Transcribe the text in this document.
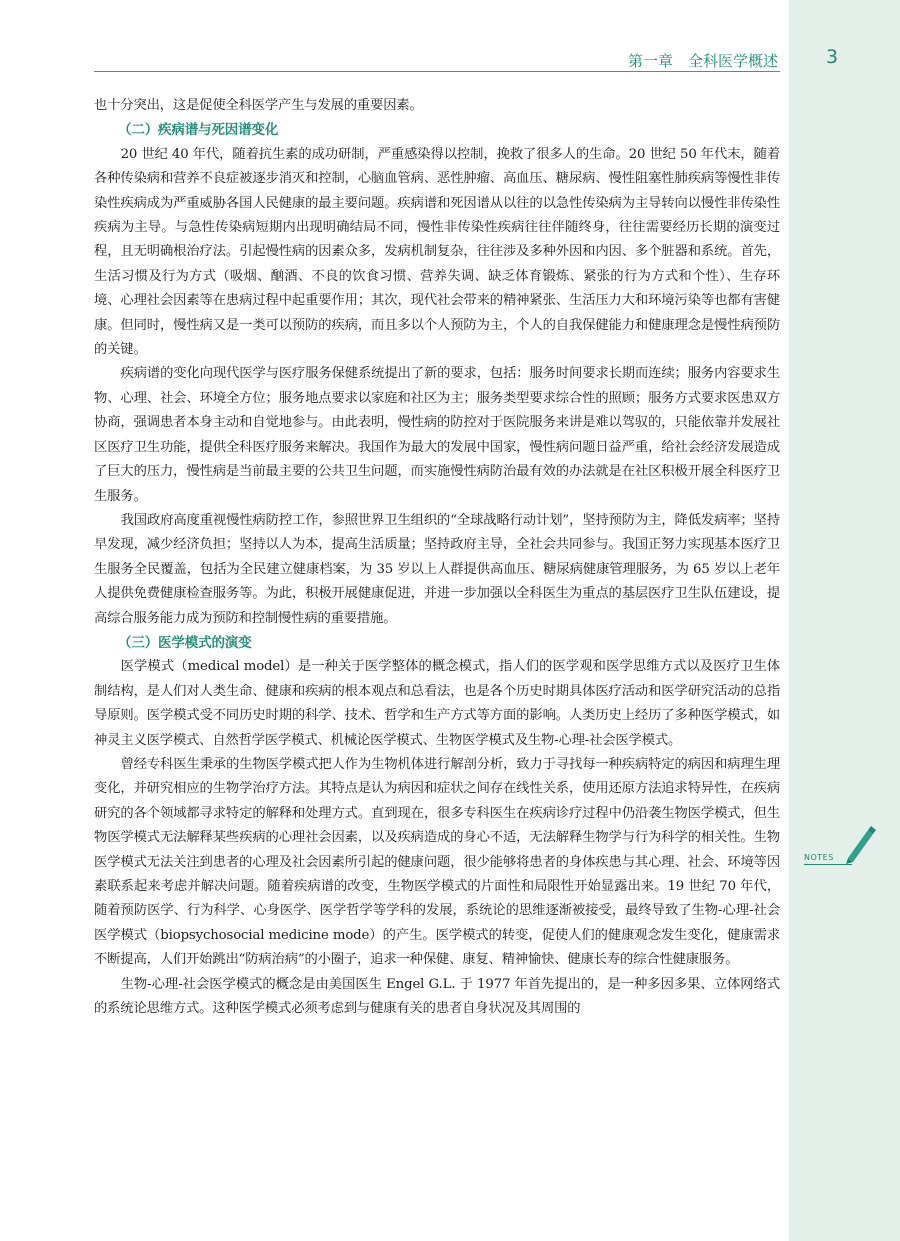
第一章　全科医学概述	3

也十分突出，这是促使全科医学产生与发展的重要因素。

（二）疾病谱与死因谱变化

20 世纪 40 年代，随着抗生素的成功研制，严重感染得以控制，挽救了很多人的生命。20 世纪 50 年代末，随着各种传染病和营养不良症被逐步消灭和控制，心脑血管病、恶性肿瘤、高血压、糖尿病、慢性阻塞性肺疾病等慢性非传染性疾病成为严重威胁各国人民健康的最主要问题。疾病谱和死因谱从以往的以急性传染病为主导转向以慢性非传染性疾病为主导。与急性传染病短期内出现明确结局不同，慢性非传染性疾病往往伴随终身，往往需要经历长期的演变过程，且无明确根治疗法。引起慢性病的因素众多，发病机制复杂，往往涉及多种外因和内因、多个脏器和系统。首先，生活习惯及行为方式（吸烟、酗酒、不良的饮食习惯、营养失调、缺乏体育锻炼、紧张的行为方式和个性）、生存环境、心理社会因素等在患病过程中起重要作用；其次，现代社会带来的精神紧张、生活压力大和环境污染等也都有害健康。但同时，慢性病又是一类可以预防的疾病，而且多以个人预防为主，个人的自我保健能力和健康理念是慢性病预防的关键。

疾病谱的变化向现代医学与医疗服务保健系统提出了新的要求，包括：服务时间要求长期而连续；服务内容要求生物、心理、社会、环境全方位；服务地点要求以家庭和社区为主；服务类型要求综合性的照顾；服务方式要求医患双方协商，强调患者本身主动和自觉地参与。由此表明，慢性病的防控对于医院服务来讲是难以驾驭的，只能依靠并发展社区医疗卫生功能，提供全科医疗服务来解决。我国作为最大的发展中国家，慢性病问题日益严重，给社会经济发展造成了巨大的压力，慢性病是当前最主要的公共卫生问题，而实施慢性病防治最有效的办法就是在社区积极开展全科医疗卫生服务。

我国政府高度重视慢性病防控工作，参照世界卫生组织的“全球战略行动计划”，坚持预防为主，降低发病率；坚持早发现，减少经济负担；坚持以人为本，提高生活质量；坚持政府主导，全社会共同参与。我国正努力实现基本医疗卫生服务全民覆盖，包括为全民建立健康档案，为 35 岁以上人群提供高血压、糖尿病健康管理服务，为 65 岁以上老年人提供免费健康检查服务等。为此，积极开展健康促进，并进一步加强以全科医生为重点的基层医疗卫生队伍建设，提高综合服务能力成为预防和控制慢性病的重要措施。

（三）医学模式的演变

医学模式（medical model）是一种关于医学整体的概念模式，指人们的医学观和医学思维方式以及医疗卫生体制结构，是人们对人类生命、健康和疾病的根本观点和总看法，也是各个历史时期具体医疗活动和医学研究活动的总指导原则。医学模式受不同历史时期的科学、技术、哲学和生产方式等方面的影响。人类历史上经历了多种医学模式，如神灵主义医学模式、自然哲学医学模式、机械论医学模式、生物医学模式及生物-心理-社会医学模式。

曾经专科医生秉承的生物医学模式把人作为生物机体进行解剖分析，致力于寻找每一种疾病特定的病因和病理生理变化，并研究相应的生物学治疗方法。其特点是认为病因和症状之间存在线性关系，使用还原方法追求特异性，在疾病研究的各个领域都寻求特定的解释和处理方式。直到现在，很多专科医生在疾病诊疗过程中仍沿袭生物医学模式，但生物医学模式无法解释某些疾病的心理社会因素，以及疾病造成的身心不适，无法解释生物学与行为科学的相关性。生物医学模式无法关注到患者的心理及社会因素所引起的健康问题，很少能够将患者的身体疾患与其心理、社会、环境等因素联系起来考虑并解决问题。随着疾病谱的改变，生物医学模式的片面性和局限性开始显露出来。19 世纪 70 年代，随着预防医学、行为科学、心身医学、医学哲学等学科的发展，系统论的思维逐渐被接受，最终导致了生物-心理-社会医学模式（biopsychosocial medicine mode）的产生。医学模式的转变，促使人们的健康观念发生变化，健康需求不断提高，人们开始跳出“防病治病”的小圈子，追求一种保健、康复、精神愉快、健康长寿的综合性健康服务。

生物-心理-社会医学模式的概念是由美国医生 Engel G.L. 于 1977 年首先提出的，是一种多因多果、立体网络式的系统论思维方式。这种医学模式必须考虑到与健康有关的患者自身状况及其周围的

NOTES
